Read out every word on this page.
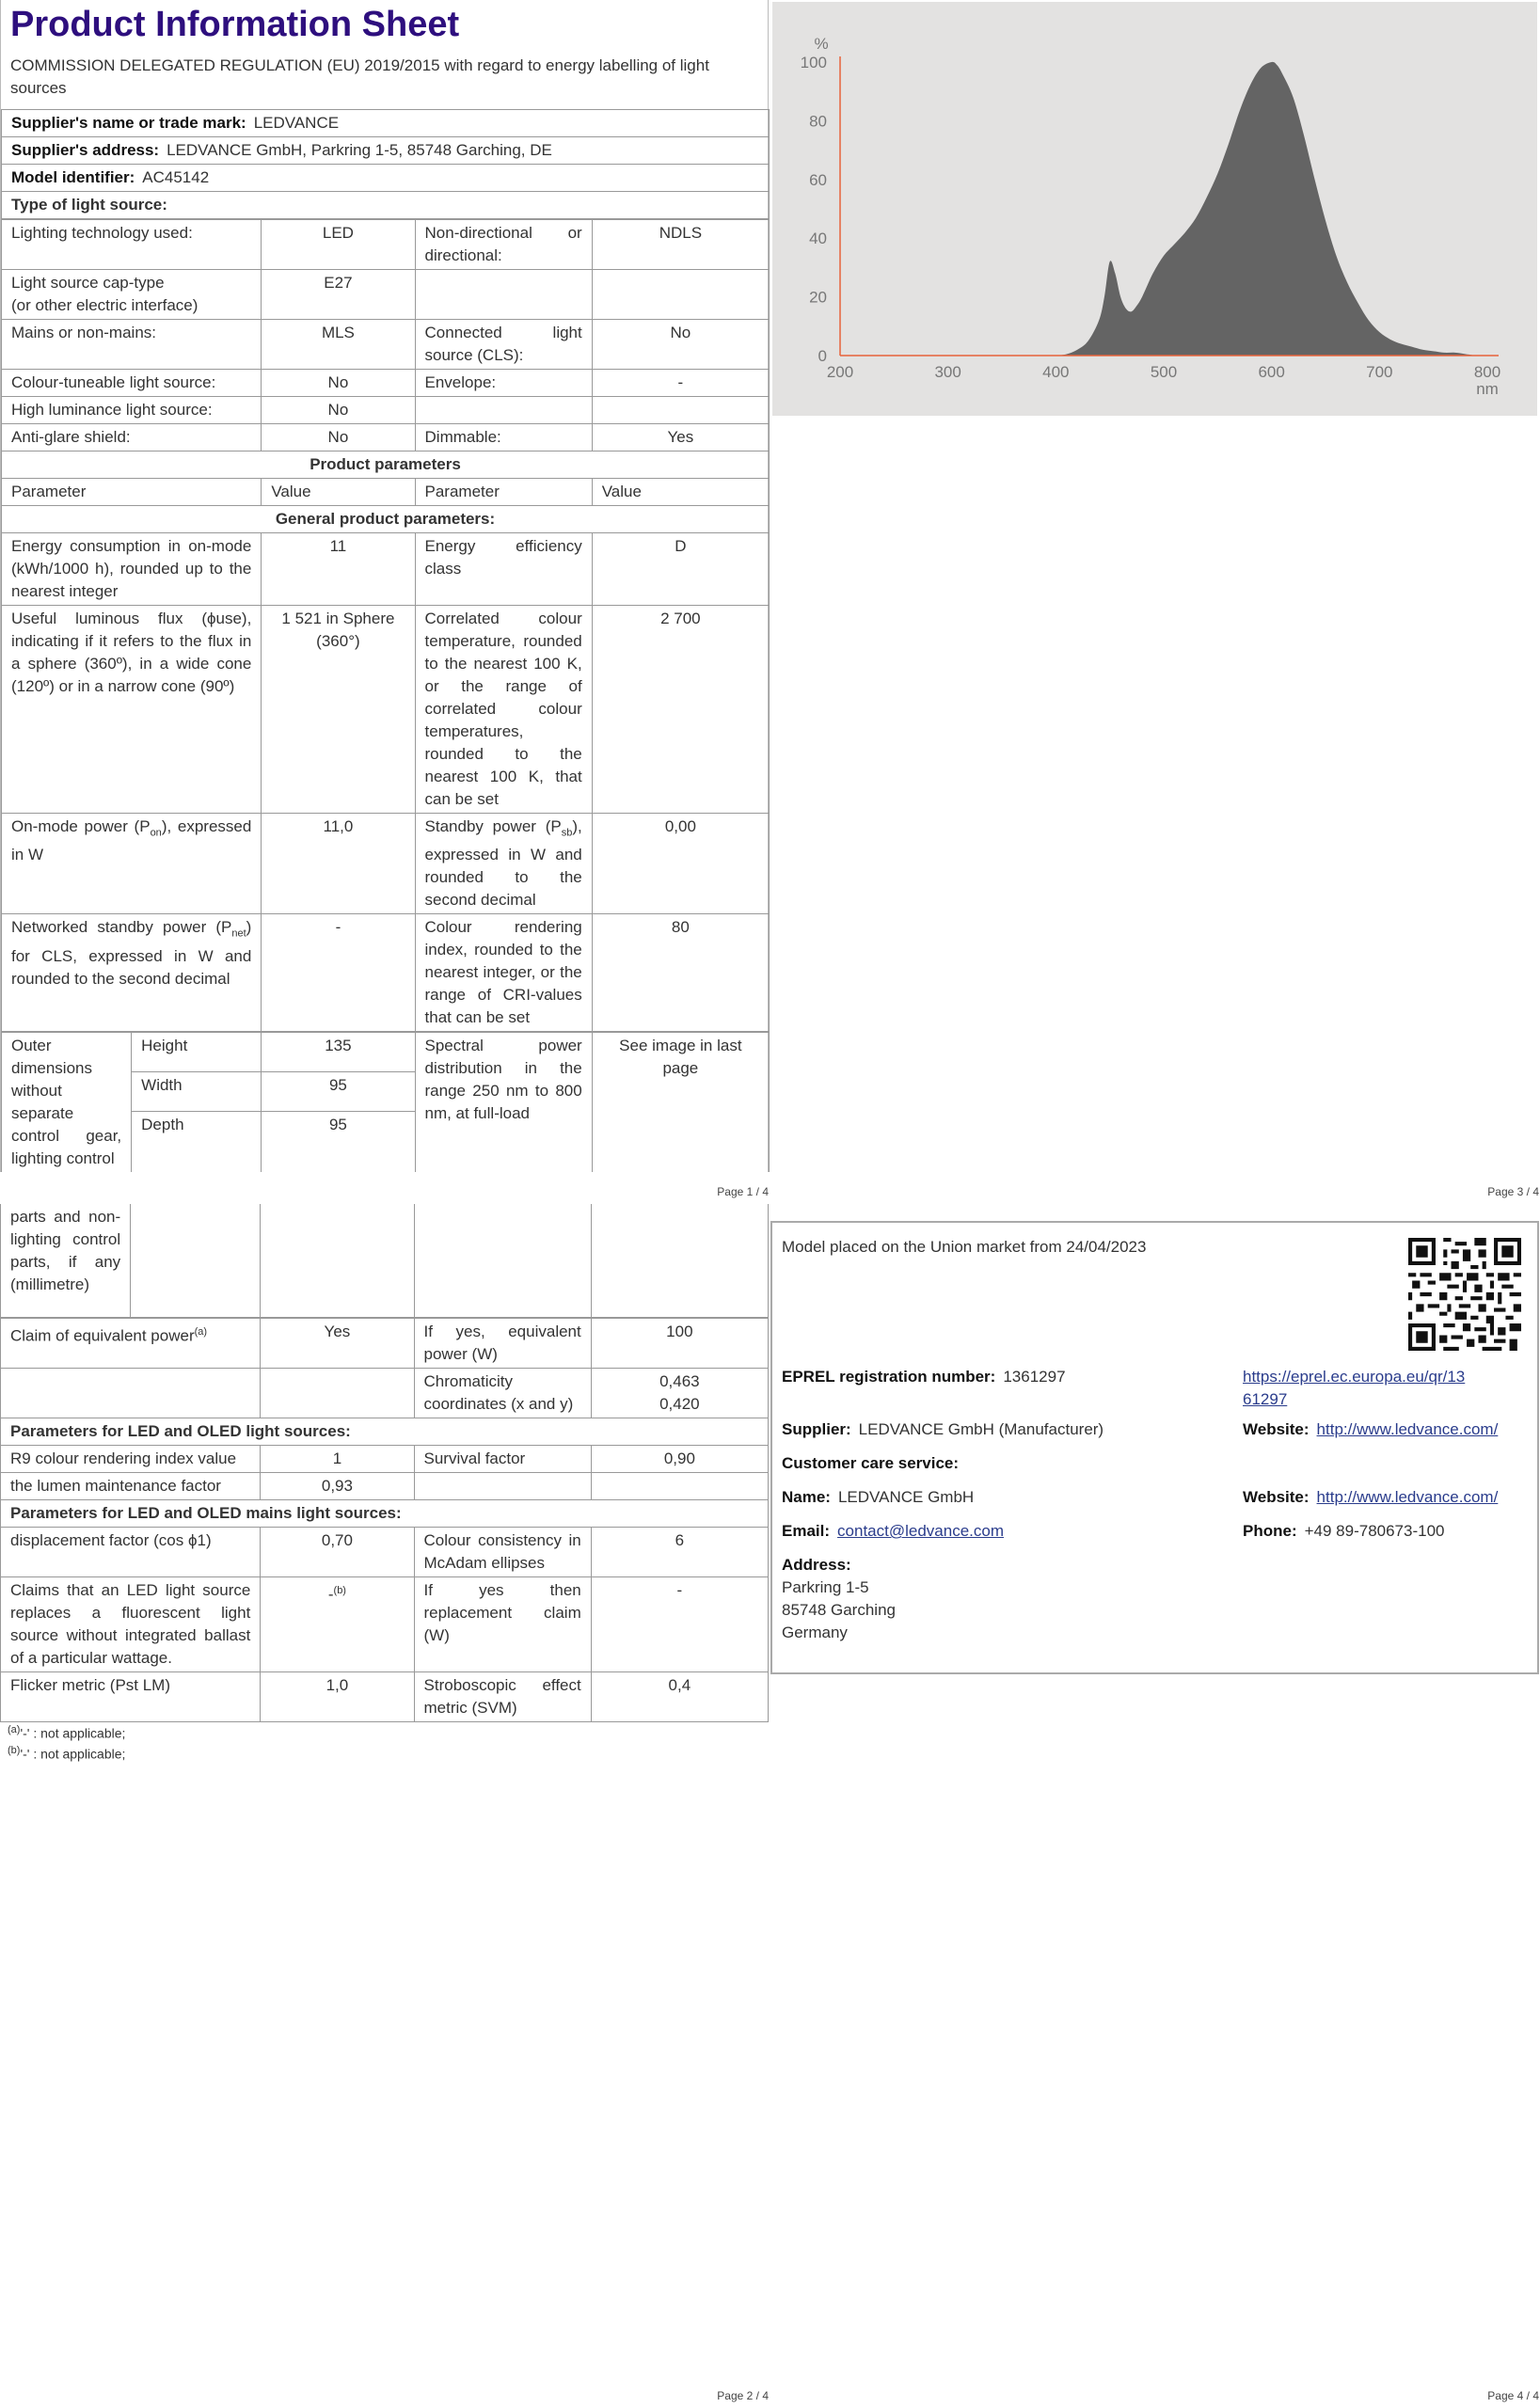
Product Information Sheet
COMMISSION DELEGATED REGULATION (EU) 2019/2015 with regard to energy labelling of light sources
Supplier's name or trade mark: LEDVANCE
Supplier's address: LEDVANCE GmbH, Parkring 1-5, 85748 Garching, DE
Model identifier: AC45142
Type of light source:
Lighting technology used:	LED	Non-directional or directional:	NDLS
Light source cap-type
(or other electric interface)	E27		
Mains or non-mains:	MLS	Connected light source (CLS):	No
Colour-tuneable light source:	No	Envelope:	-
High luminance light source:	No		
Anti-glare shield:	No	Dimmable:	Yes
Product parameters			
Parameter	Value	Parameter	Value
General product parameters:			
Energy consumption in on-mode (kWh/1000 h), rounded up to the nearest integer	11	Energy efficiency class	D
Useful luminous flux (ϕuse), indicating if it refers to the flux in a sphere (360º), in a wide cone (120º) or in a narrow cone (90º)	1 521 in Sphere (360°)	Correlated colour temperature, rounded to the nearest 100 K, or the range of correlated colour temperatures, rounded to the nearest 100 K, that can be set	2 700
On-mode power $(P_{on})$, expressed in W	11,0	Standby power $(P_{sb})$, expressed in W and rounded to the second decimal	0,00
Networked standby power $(P_{net})$ for CLS, expressed in W and rounded to the second decimal	-	Colour rendering index, rounded to the nearest integer, or the range of CRI-values that can be set	80
Outer dimensions without separate control gear, lighting control	Height	135	Spectral power distribution in the range 250 nm to 800 nm, at full-load	See image in last page
	Width	95		
	Depth	95		
Page 1 / 4
0
20
40
60
80
100
200	300	400	500	600	700	800
%
nm
Page 3 / 4
parts and non-lighting control parts, if any (millimetre)				
Claim of equivalent power$^{(a)}$	Yes	If yes, equivalent power (W)	100
		Chromaticity coordinates (x and y)	0,463
0,420

Parameters for LED and OLED light sources:			
R9 colour rendering index value	1	Survival factor	0,90
the lumen maintenance factor	0,93		
Parameters for LED and OLED mains light sources:			
displacement factor (cos ϕ1)	0,70	Colour consistency in McAdam ellipses	6
Claims that an LED light source replaces a fluorescent light source without integrated ballast of a particular wattage.	-$^{(b)}$	If yes then replacement claim (W)	-
Flicker metric (Pst LM)	1,0	Stroboscopic effect metric (SVM)	0,4
$^{(a)}$'-' : not applicable;
$^{(b)}$'-' : not applicable;
Page 2 / 4
Model placed on the Union market from 24/04/2023
EPREL registration number: 1361297	https://eprel.ec.europa.eu/qr/13
61297
Supplier: LEDVANCE GmbH (Manufacturer)	Website: http://www.ledvance.com/
Customer care service:
Name: LEDVANCE GmbH	Website: http://www.ledvance.com/
Email: contact@ledvance.com	Phone: +49 89-780673-100
Address:
Parkring 1-5
85748 Garching
Germany
Page 4 / 4
